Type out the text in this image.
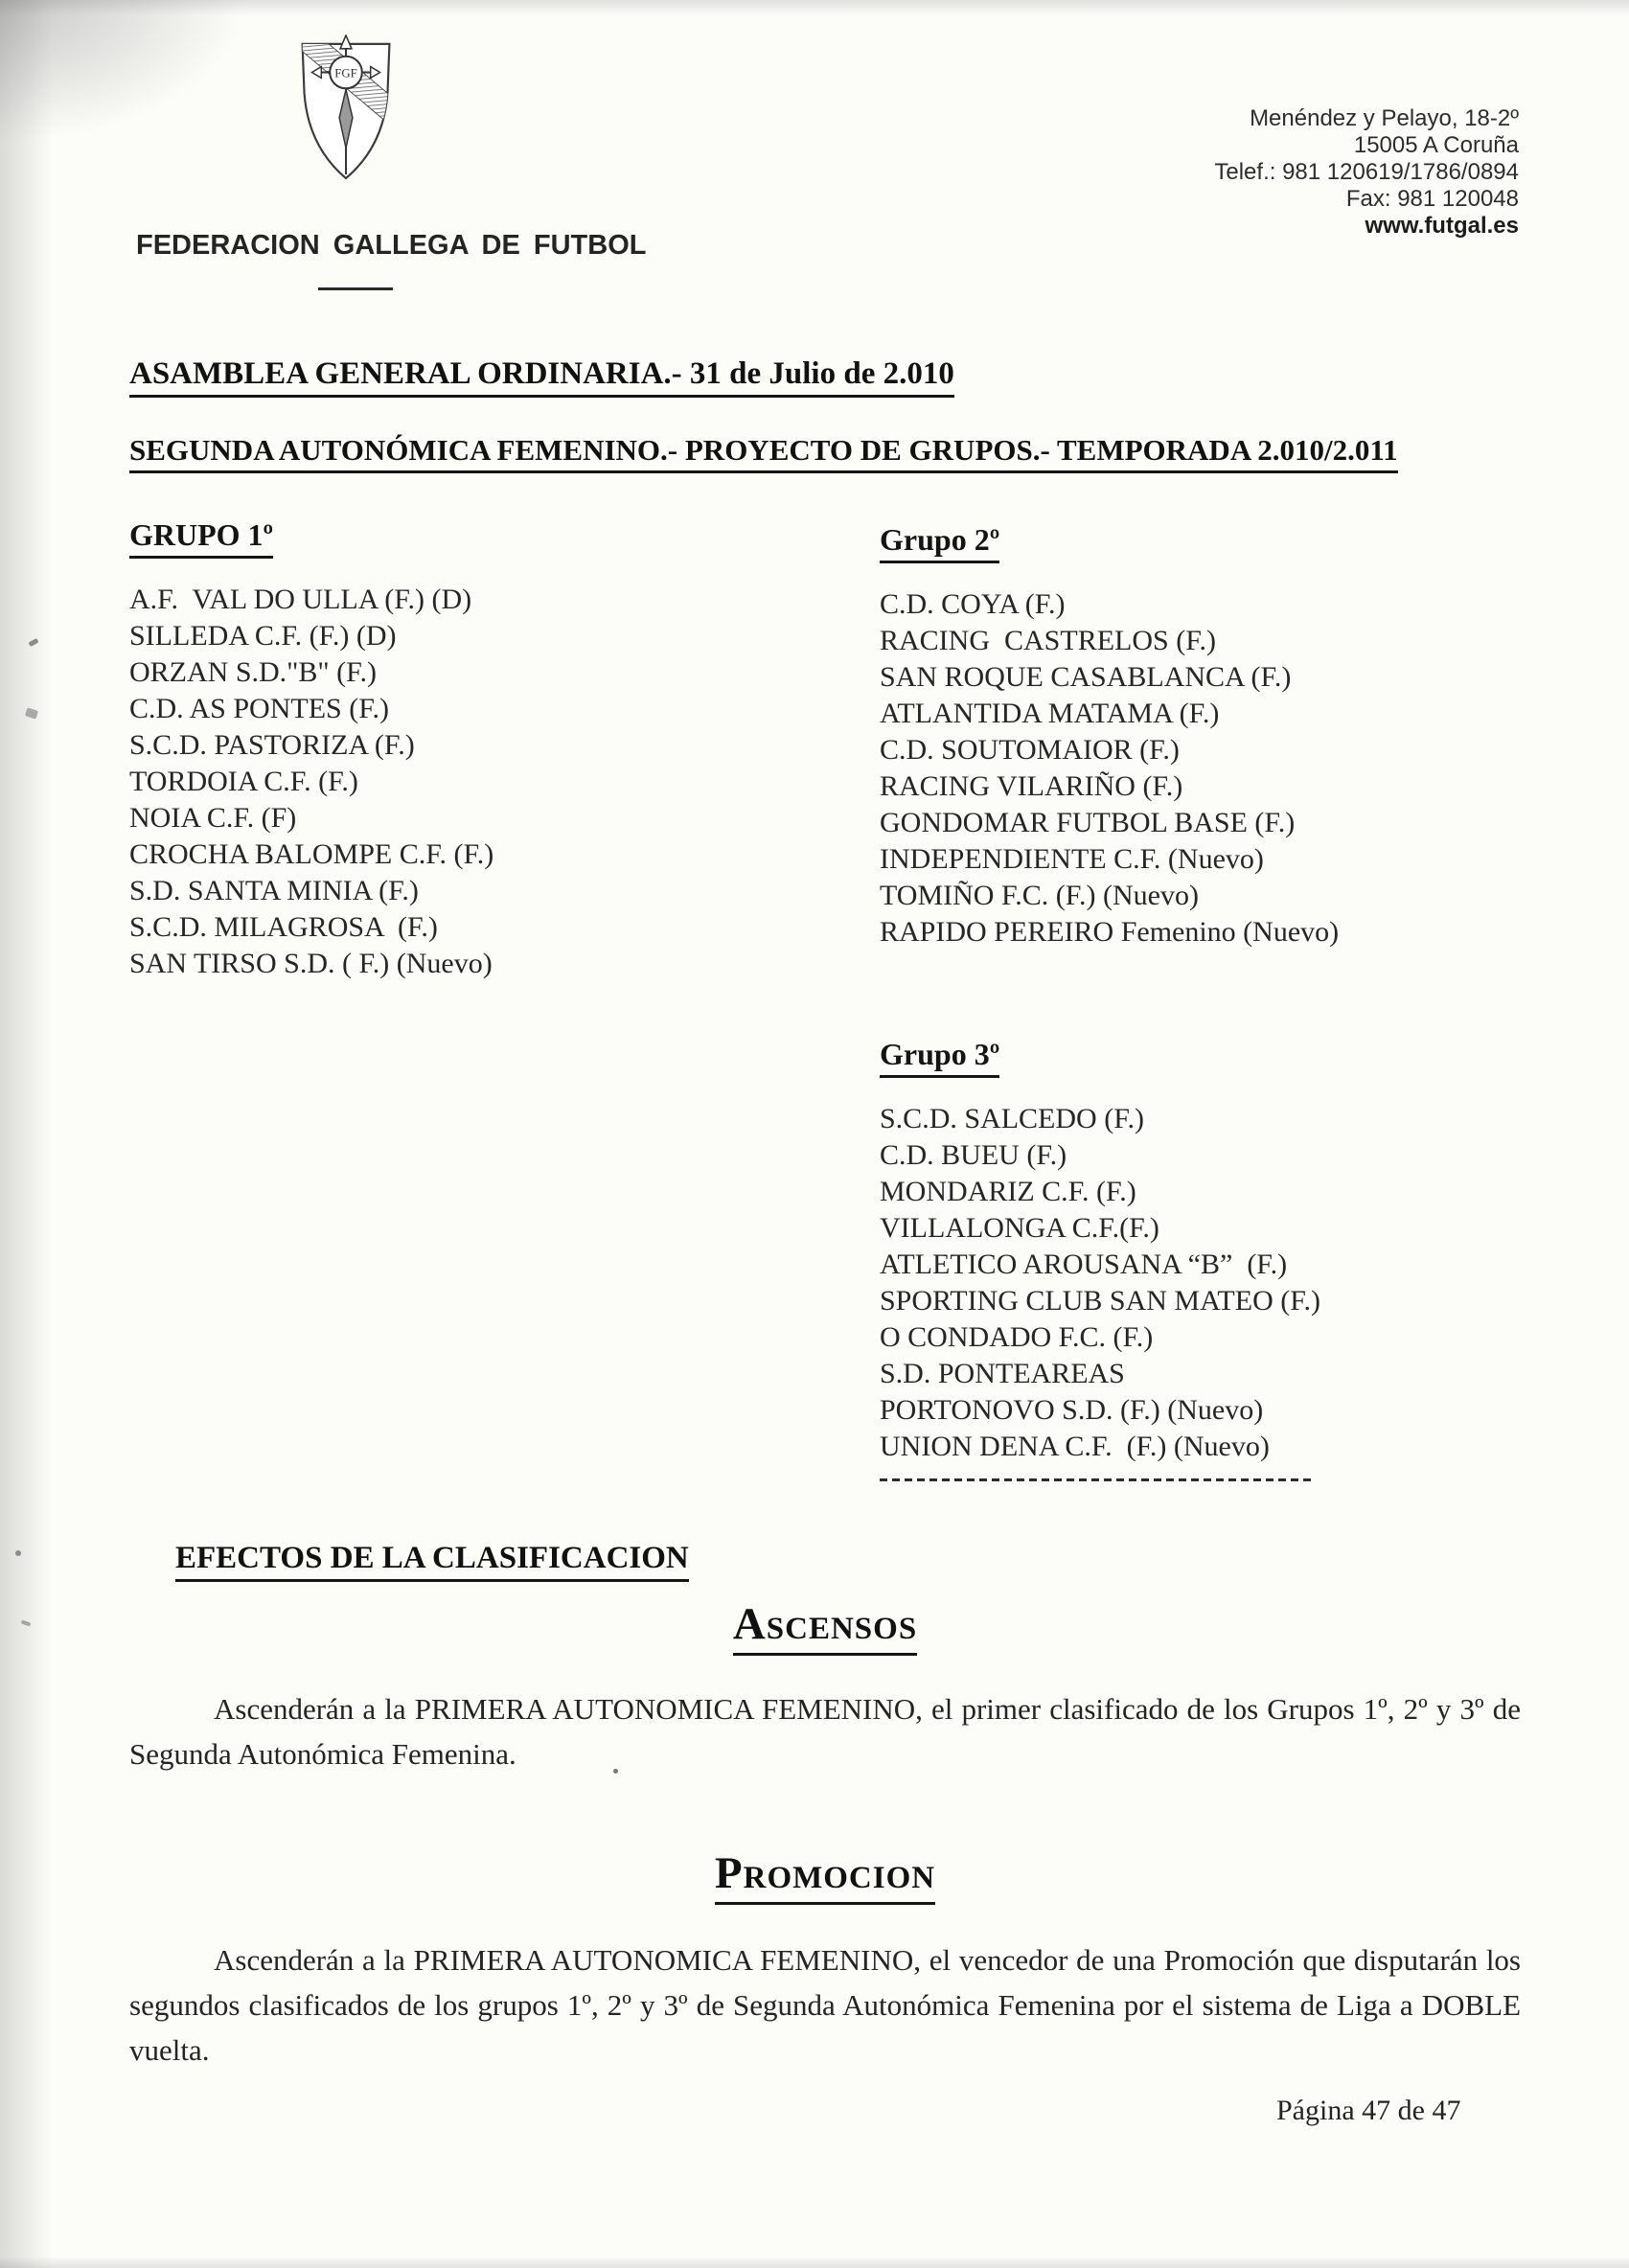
FGF
FEDERACION GALLEGA DE FUTBOL
Menéndez y Pelayo, 18-2º
15005 A Coruña
Telef.: 981 120619/1786/0894
Fax: 981 120048
www.futgal.es
ASAMBLEA GENERAL ORDINARIA.- 31 de Julio de 2.010
SEGUNDA AUTONÓMICA FEMENINO.- PROYECTO DE GRUPOS.- TEMPORADA 2.010/2.011
GRUPO 1º
A.F.  VAL DO ULLA (F.) (D)
SILLEDA C.F. (F.) (D)
ORZAN S.D."B" (F.)
C.D. AS PONTES (F.)
S.C.D. PASTORIZA (F.)
TORDOIA C.F. (F.)
NOIA C.F. (F)
CROCHA BALOMPE C.F. (F.)
S.D. SANTA MINIA (F.)
S.C.D. MILAGROSA  (F.)
SAN TIRSO S.D. ( F.) (Nuevo)
Grupo 2º
C.D. COYA (F.)
RACING  CASTRELOS (F.)
SAN ROQUE CASABLANCA (F.)
ATLANTIDA MATAMA (F.)
C.D. SOUTOMAIOR (F.)
RACING VILARIÑO (F.)
GONDOMAR FUTBOL BASE (F.)
INDEPENDIENTE C.F. (Nuevo)
TOMIÑO F.C. (F.) (Nuevo)
RAPIDO PEREIRO Femenino (Nuevo)
Grupo 3º
S.C.D. SALCEDO (F.)
C.D. BUEU (F.)
MONDARIZ C.F. (F.)
VILLALONGA C.F.(F.)
ATLETICO AROUSANA “B”  (F.)
SPORTING CLUB SAN MATEO (F.)
O CONDADO F.C. (F.)
S.D. PONTEAREAS
PORTONOVO S.D. (F.) (Nuevo)
UNION DENA C.F.  (F.) (Nuevo)
EFECTOS DE LA CLASIFICACION
ASCENSOS
Ascenderán a la PRIMERA AUTONOMICA FEMENINO, el primer clasificado de los Grupos 1º, 2º y 3º de Segunda Autonómica Femenina.
PROMOCION
Ascenderán a la PRIMERA AUTONOMICA FEMENINO, el vencedor de una Promoción que disputarán los segundos clasificados de los grupos 1º, 2º y 3º de Segunda Autonómica Femenina por el sistema de Liga a DOBLE vuelta.
Página 47 de 47
